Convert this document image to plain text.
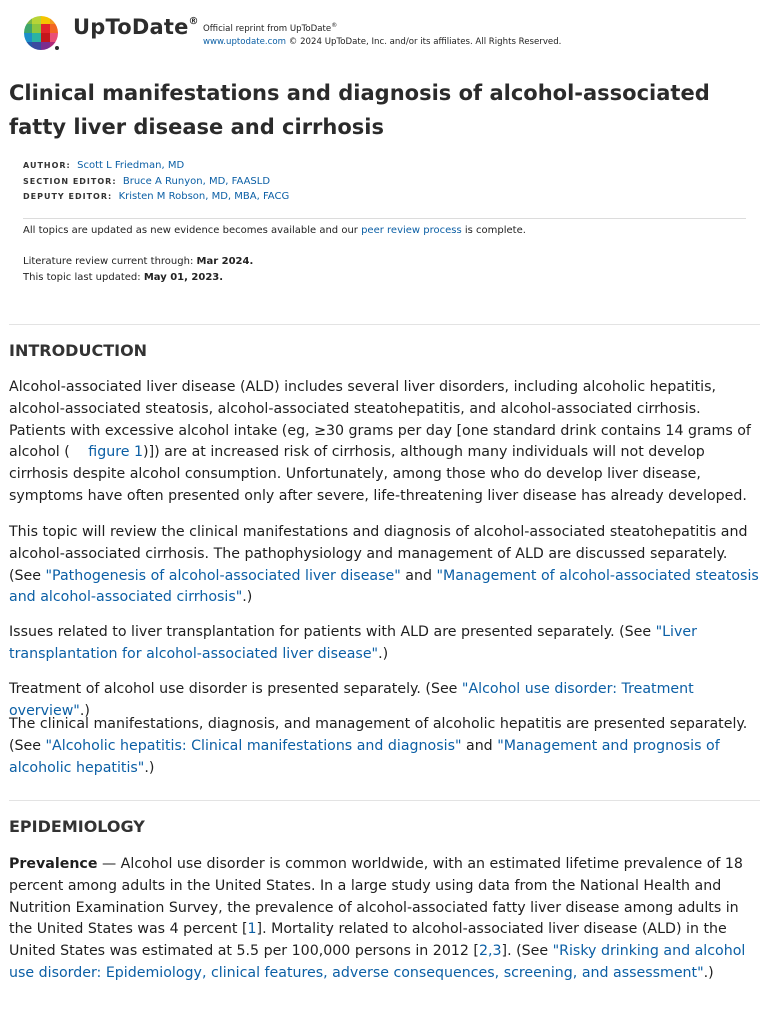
UpToDate®
Official reprint from UpToDate®
www.uptodate.com © 2024 UpToDate, Inc. and/or its affiliates. All Rights Reserved.
Clinical manifestations and diagnosis of alcohol-associated fatty liver disease and cirrhosis
AUTHOR: Scott L Friedman, MD
SECTION EDITOR: Bruce A Runyon, MD, FAASLD
DEPUTY EDITOR: Kristen M Robson, MD, MBA, FACG
All topics are updated as new evidence becomes available and our peer review process is complete.
Literature review current through: Mar 2024.
This topic last updated: May 01, 2023.
INTRODUCTION

Alcohol-associated liver disease (ALD) includes several liver disorders, including alcoholic hepatitis, alcohol-associated steatosis, alcohol-associated steatohepatitis, and alcohol-associated cirrhosis. Patients with excessive alcohol intake (eg, ≥30 grams per day [one standard drink contains 14 grams of alcohol ( figure 1)]) are at increased risk of cirrhosis, although many individuals will not develop cirrhosis despite alcohol consumption. Unfortunately, among those who do develop liver disease, symptoms have often presented only after severe, life-threatening liver disease has already developed.

This topic will review the clinical manifestations and diagnosis of alcohol-associated steatohepatitis and alcohol-associated cirrhosis. The pathophysiology and management of ALD are discussed separately. (See "Pathogenesis of alcohol-associated liver disease" and "Management of alcohol-associated steatosis and alcohol-associated cirrhosis".)

Issues related to liver transplantation for patients with ALD are presented separately. (See "Liver transplantation for alcohol-associated liver disease".)

Treatment of alcohol use disorder is presented separately. (See "Alcohol use disorder: Treatment overview".)

The clinical manifestations, diagnosis, and management of alcoholic hepatitis are presented separately. (See "Alcoholic hepatitis: Clinical manifestations and diagnosis" and "Management and prognosis of alcoholic hepatitis".)

EPIDEMIOLOGY

Prevalence — Alcohol use disorder is common worldwide, with an estimated lifetime prevalence of 18 percent among adults in the United States. In a large study using data from the National Health and Nutrition Examination Survey, the prevalence of alcohol-associated fatty liver disease among adults in the United States was 4 percent [1]. Mortality related to alcohol-associated liver disease (ALD) in the United States was estimated at 5.5 per 100,000 persons in 2012 [2,3]. (See "Risky drinking and alcohol use disorder: Epidemiology, clinical features, adverse consequences, screening, and assessment".)
